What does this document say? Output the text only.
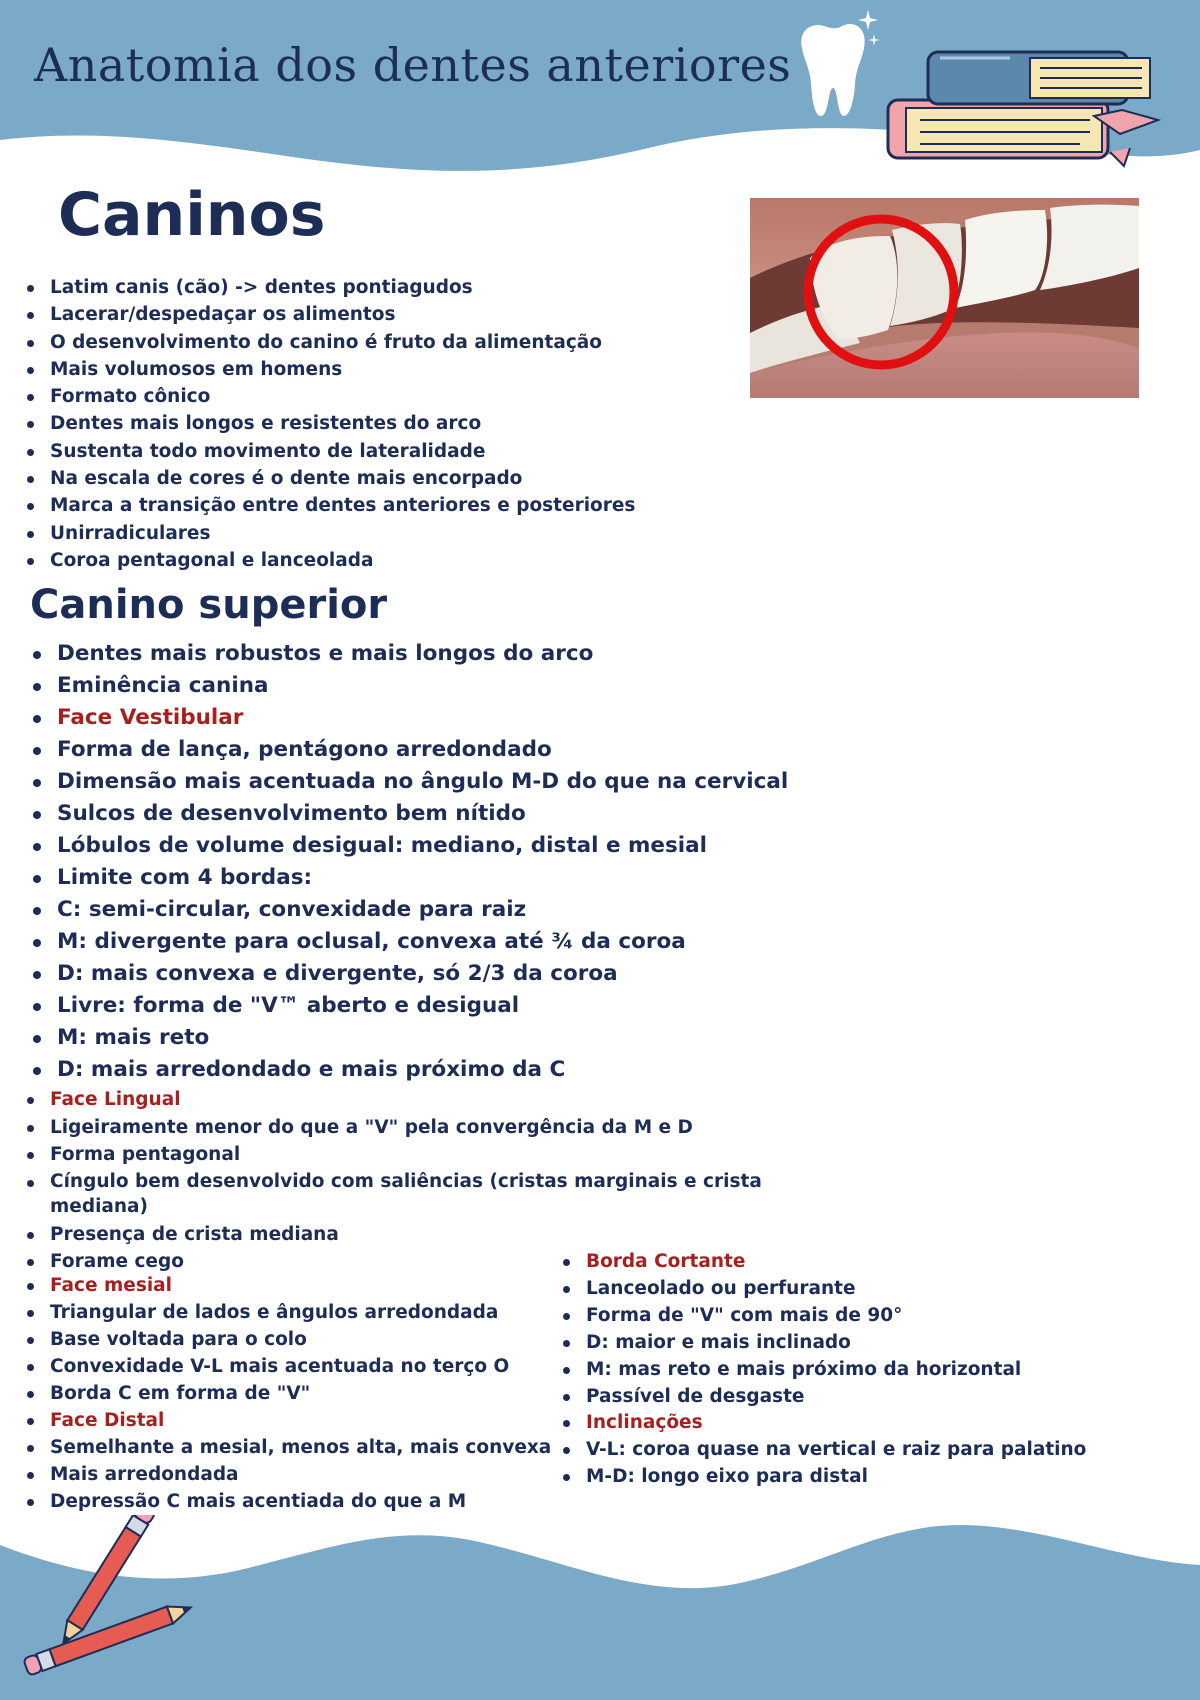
Anatomia dos dentes anteriores
Caninos
Latim canis (cão) -> dentes pontiagudos
Lacerar/despedaçar os alimentos
O desenvolvimento do canino é fruto da alimentação
Mais volumosos em homens
Formato cônico
Dentes mais longos e resistentes do arco
Sustenta todo movimento de lateralidade
Na escala de cores é o dente mais encorpado
Marca a transição entre dentes anteriores e posteriores
Unirradiculares
Coroa pentagonal e lanceolada
Canino superior
Dentes mais robustos e mais longos do arco
Eminência canina
Face Vestibular
Forma de lança, pentágono arredondado
Dimensão mais acentuada no ângulo M-D do que na cervical
Sulcos de desenvolvimento bem nítido
Lóbulos de volume desigual: mediano, distal e mesial
Limite com 4 bordas:
C: semi-circular, convexidade para raiz
M: divergente para oclusal, convexa até ¾ da coroa
D: mais convexa e divergente, só 2/3 da coroa
Livre: forma de "V™ aberto e desigual
M: mais reto
D: mais arredondado e mais próximo da C
Face Lingual
Ligeiramente menor do que a "V" pela convergência da M e D
Forma pentagonal
Cíngulo bem desenvolvido com saliências (cristas marginais e crista mediana)
Presença de crista mediana
Forame cego
Face mesial
Triangular de lados e ângulos arredondada
Base voltada para o colo
Convexidade V-L mais acentuada no terço O
Borda C em forma de "V"
Face Distal
Semelhante a mesial, menos alta, mais convexa
Mais arredondada
Depressão C mais acentiada do que a M
Borda Cortante
Lanceolado ou perfurante
Forma de "V" com mais de 90°
D: maior e mais inclinado
M: mas reto e mais próximo da horizontal
Passível de desgaste
Inclinações
V-L: coroa quase na vertical e raiz para palatino
M-D: longo eixo para distal
